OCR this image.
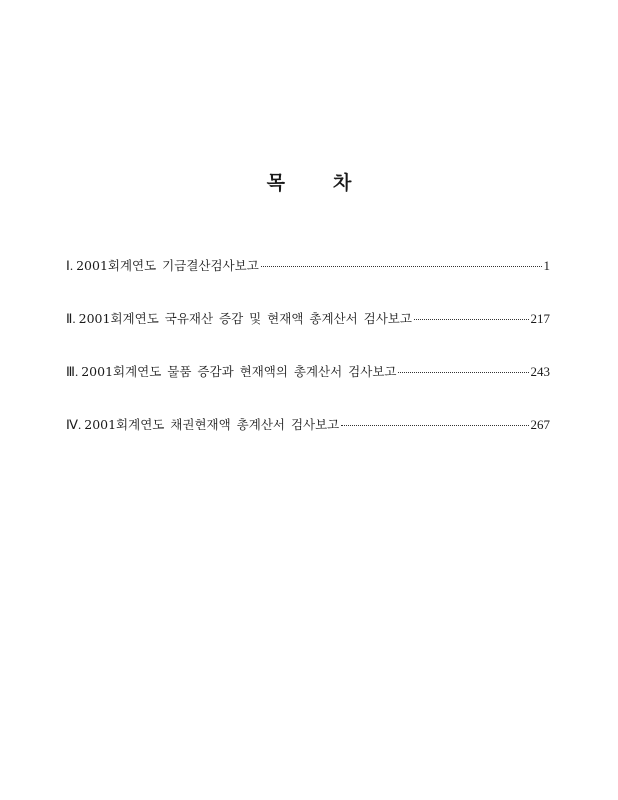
목	차
Ⅰ. 2001회계연도 기금결산검사보고	1
Ⅱ. 2001회계연도 국유재산 증감 및 현재액 총계산서 검사보고	217
Ⅲ. 2001회계연도 물품 증감과 현재액의 총계산서 검사보고	243
Ⅳ. 2001회계연도 채권현재액 총계산서 검사보고	267
